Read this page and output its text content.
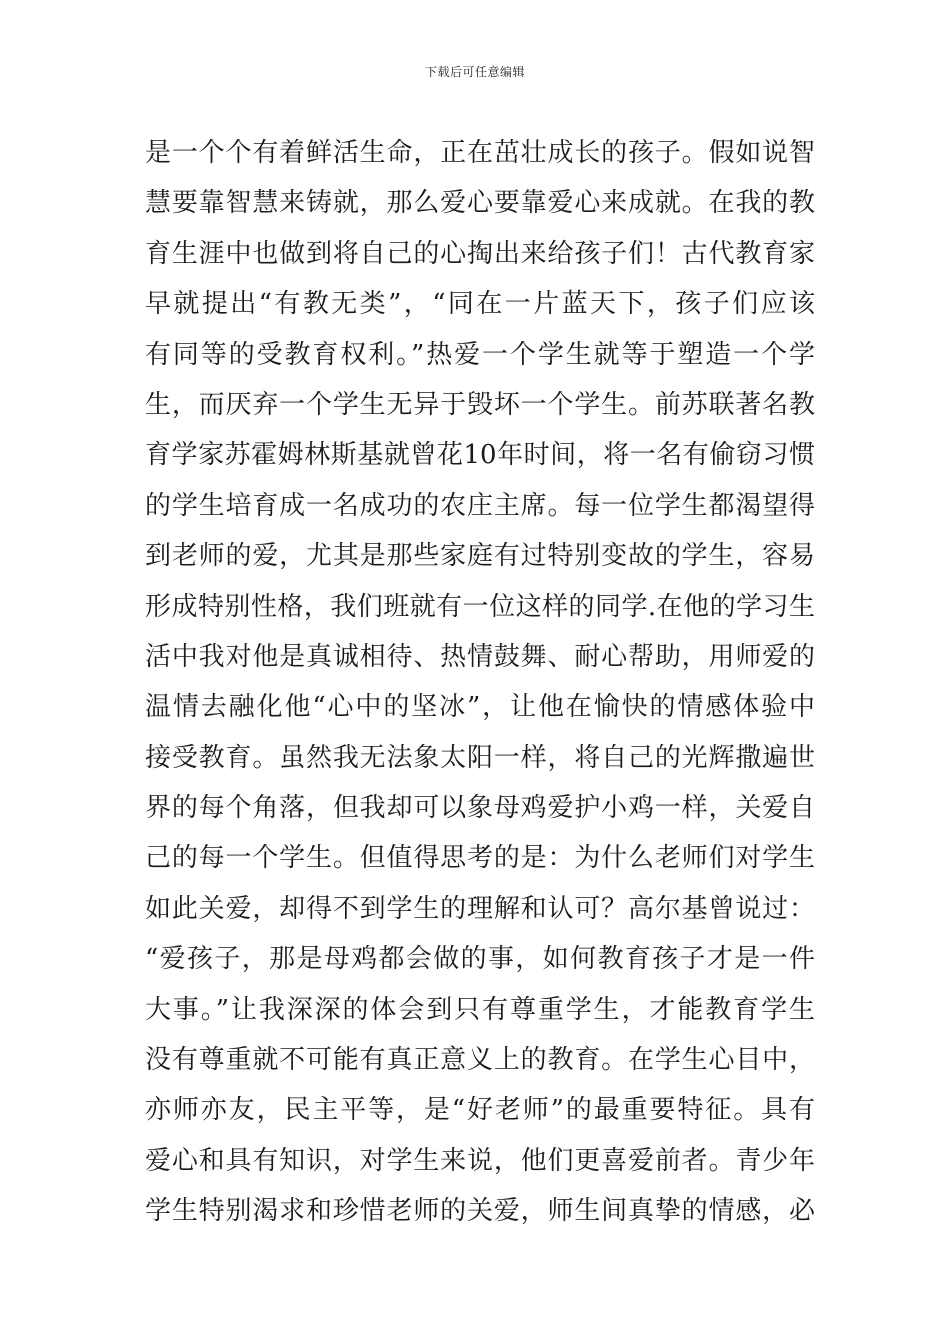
下载后可任意编辑
是一个个有着鲜活生命，正在茁壮成长的孩子。假如说智
慧要靠智慧来铸就，那么爱心要靠爱心来成就。在我的教
育生涯中也做到将自己的心掏出来给孩子们！古代教育家
早就提出“有教无类”，“同在一片蓝天下，孩子们应该
有同等的受教育权利。”热爱一个学生就等于塑造一个学
生，而厌弃一个学生无异于毁坏一个学生。前苏联著名教
育学家苏霍姆林斯基就曾花10年时间，将一名有偷窃习惯
的学生培育成一名成功的农庄主席。每一位学生都渴望得
到老师的爱，尤其是那些家庭有过特别变故的学生，容易
形成特别性格，我们班就有一位这样的同学.在他的学习生
活中我对他是真诚相待、热情鼓舞、耐心帮助，用师爱的
温情去融化他“心中的坚冰”，让他在愉快的情感体验中
接受教育。虽然我无法象太阳一样，将自己的光辉撒遍世
界的每个角落，但我却可以象母鸡爱护小鸡一样，关爱自
己的每一个学生。但值得思考的是：为什么老师们对学生
如此关爱，却得不到学生的理解和认可？高尔基曾说过：
“爱孩子，那是母鸡都会做的事，如何教育孩子才是一件
大事。”让我深深的体会到只有尊重学生，才能教育学生
没有尊重就不可能有真正意义上的教育。在学生心目中，
亦师亦友，民主平等，是“好老师”的最重要特征。具有
爱心和具有知识，对学生来说，他们更喜爱前者。青少年
学生特别渴求和珍惜老师的关爱，师生间真挚的情感，必
